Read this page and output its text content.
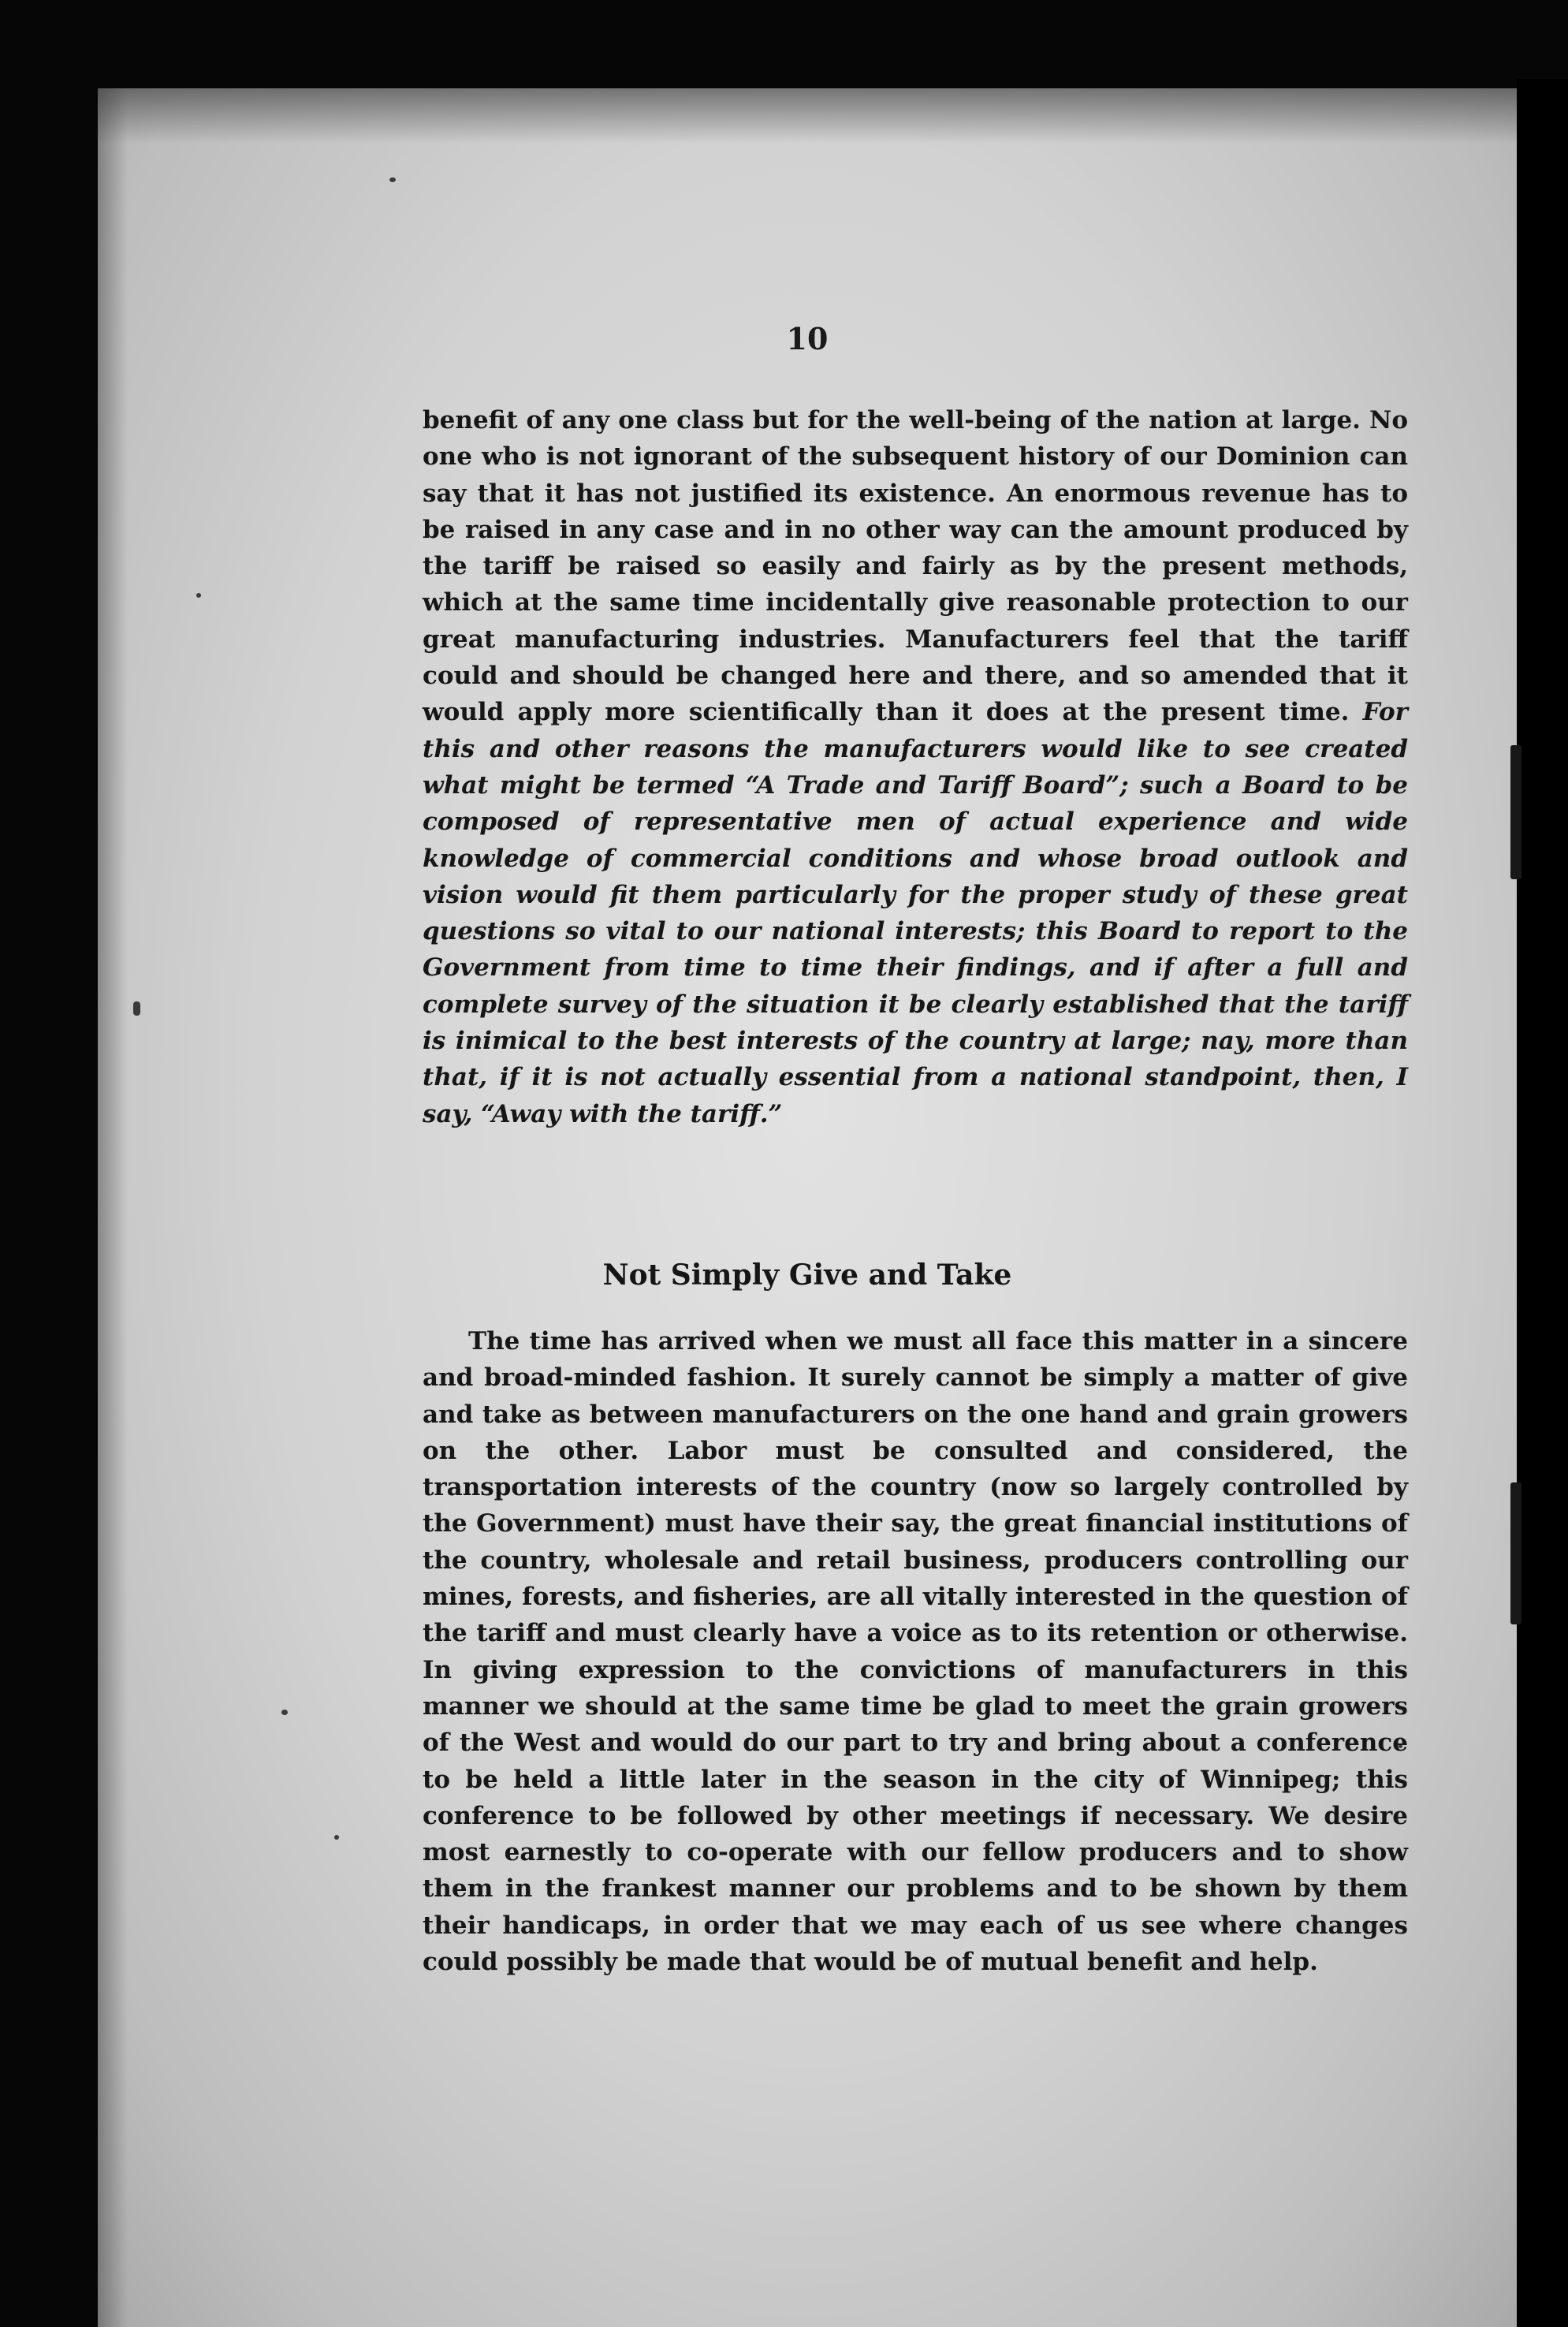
10

benefit of any one class but for the well-being of the nation at large. No one who is not ignorant of the subsequent history of our Dominion can say that it has not justified its existence. An enormous revenue has to be raised in any case and in no other way can the amount produced by the tariff be raised so easily and fairly as by the present methods, which at the same time incidentally give reasonable protection to our great manufacturing industries. Manufacturers feel that the tariff could and should be changed here and there, and so amended that it would apply more scientifically than it does at the present time. For this and other reasons the manufacturers would like to see created what might be termed “A Trade and Tariff Board”; such a Board to be composed of representative men of actual experience and wide knowledge of commercial conditions and whose broad outlook and vision would fit them particularly for the proper study of these great questions so vital to our national interests; this Board to report to the Government from time to time their findings, and if after a full and complete survey of the situation it be clearly established that the tariff is inimical to the best interests of the country at large; nay, more than that, if it is not actually essential from a national standpoint, then, I say, “Away with the tariff.”

Not Simply Give and Take

The time has arrived when we must all face this matter in a sincere and broad-minded fashion. It surely cannot be simply a matter of give and take as between manufacturers on the one hand and grain growers on the other. Labor must be consulted and considered, the transportation interests of the country (now so largely controlled by the Government) must have their say, the great financial institutions of the country, wholesale and retail business, producers controlling our mines, forests, and fisheries, are all vitally interested in the question of the tariff and must clearly have a voice as to its retention or otherwise. In giving expression to the convictions of manufacturers in this manner we should at the same time be glad to meet the grain growers of the West and would do our part to try and bring about a conference to be held a little later in the season in the city of Winnipeg; this conference to be followed by other meetings if necessary. We desire most earnestly to co-operate with our fellow producers and to show them in the frankest manner our problems and to be shown by them their handicaps, in order that we may each of us see where changes could possibly be made that would be of mutual benefit and help.
